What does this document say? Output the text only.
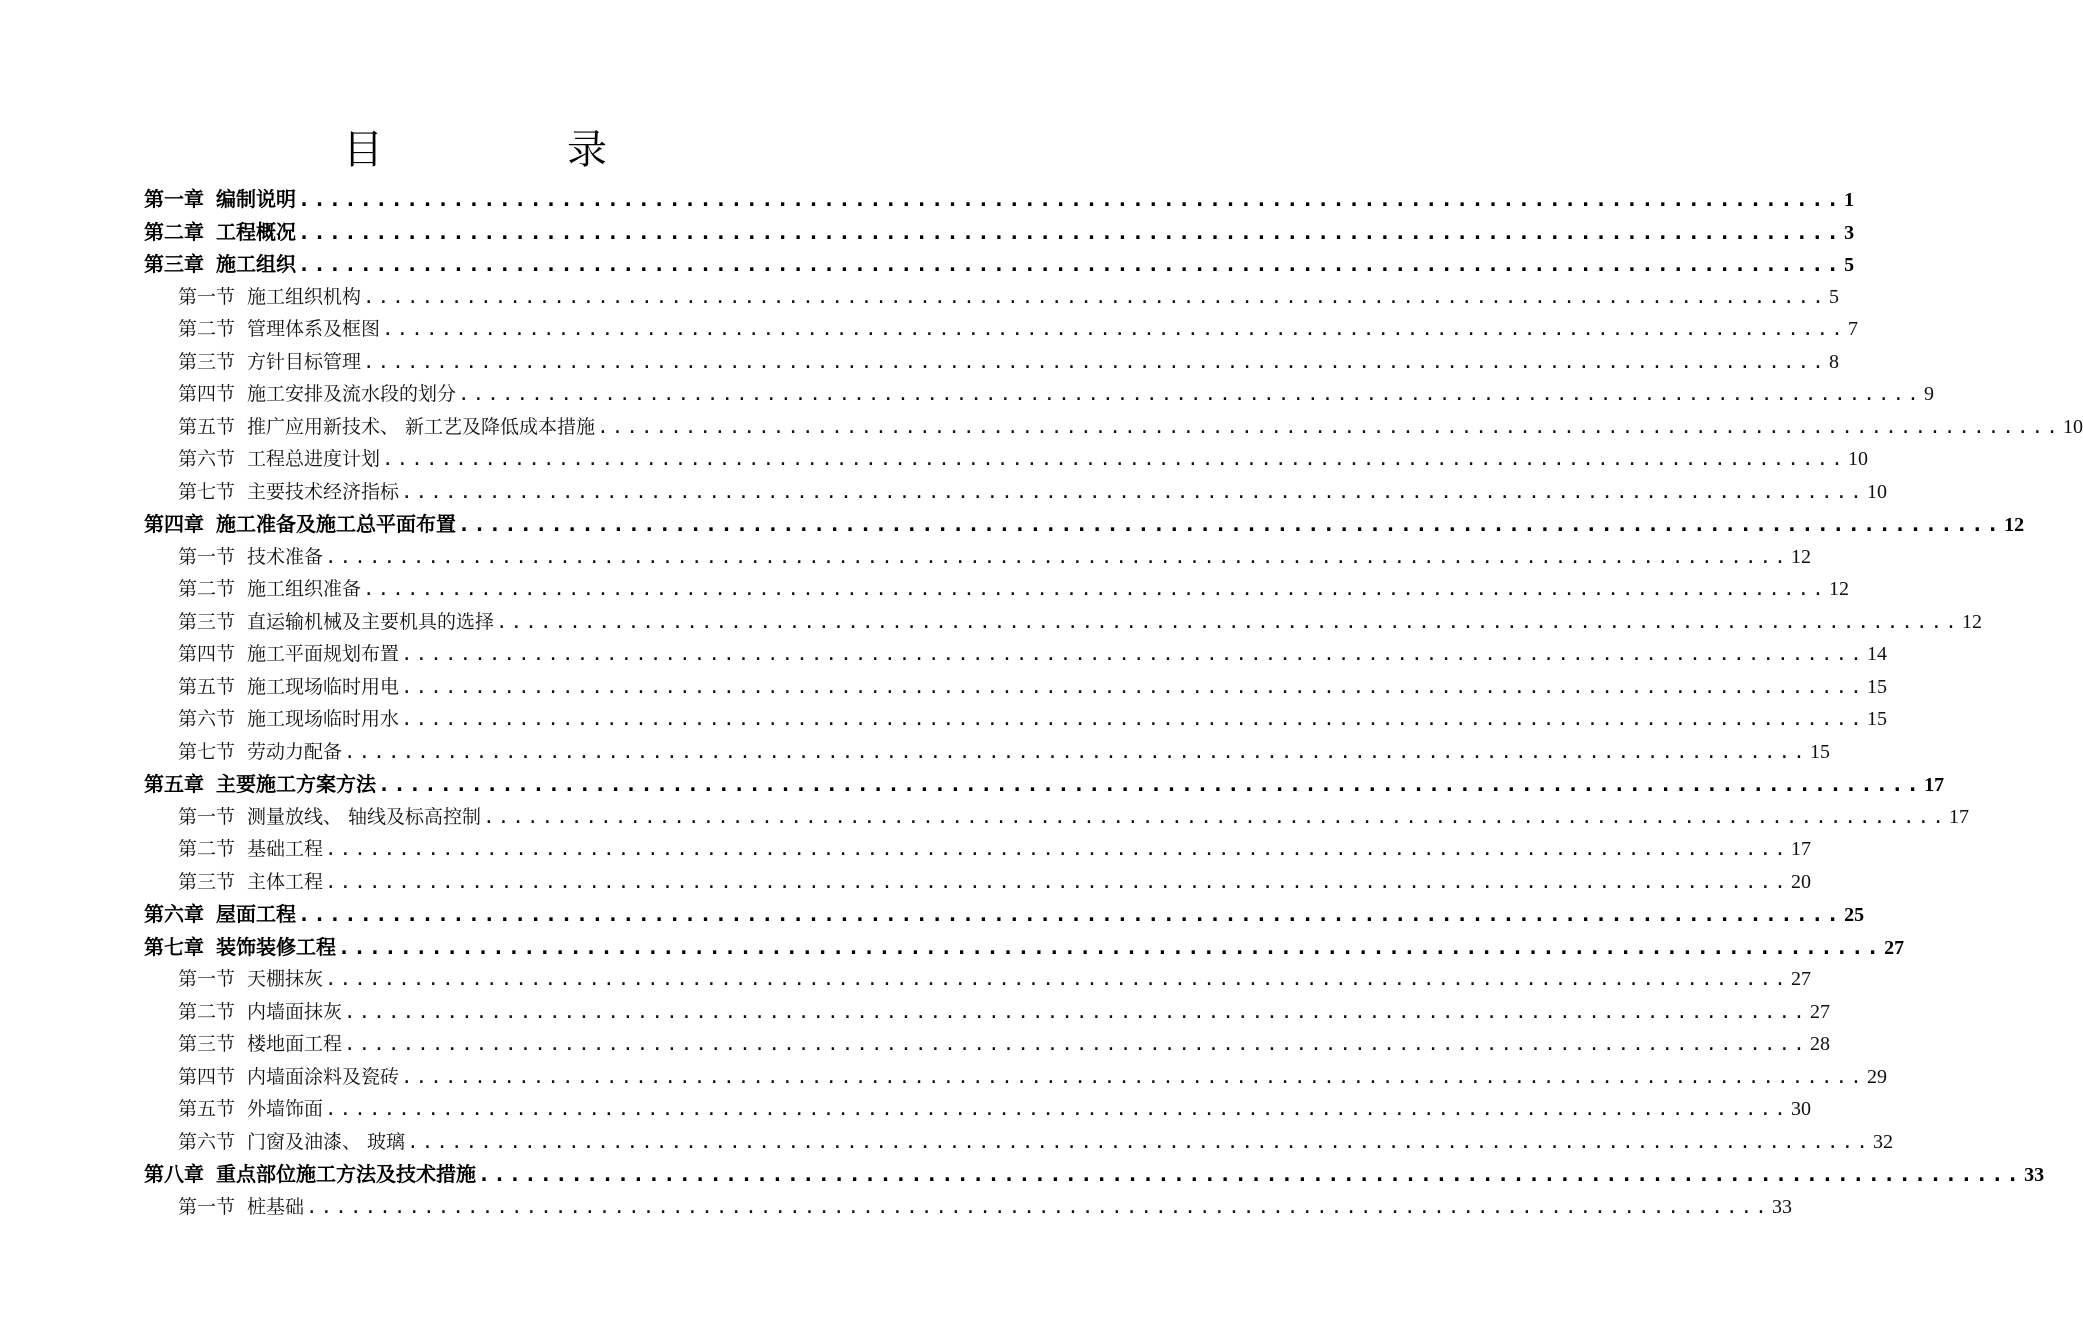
目　录
第一章 编制说明 .................................................................................................... 1
第二章 工程概况 .................................................................................................... 3
第三章 施工组织 .................................................................................................... 5
第一节 施工组织机构 .................................................................................................... 5
第二节 管理体系及框图 .................................................................................................... 7
第三节 方针目标管理 .................................................................................................... 8
第四节 施工安排及流水段的划分 .................................................................................................... 9
第五节 推广应用新技术、 新工艺及降低成本措施 .................................................................................................... 10
第六节 工程总进度计划 .................................................................................................... 10
第七节 主要技术经济指标 .................................................................................................... 10
第四章 施工准备及施工总平面布置 .................................................................................................... 12
第一节 技术准备 .................................................................................................... 12
第二节 施工组织准备 .................................................................................................... 12
第三节 直运输机械及主要机具的选择 .................................................................................................... 12
第四节 施工平面规划布置 .................................................................................................... 14
第五节 施工现场临时用电 .................................................................................................... 15
第六节 施工现场临时用水 .................................................................................................... 15
第七节 劳动力配备 .................................................................................................... 15
第五章 主要施工方案方法 .................................................................................................... 17
第一节 测量放线、 轴线及标高控制 .................................................................................................... 17
第二节 基础工程 .................................................................................................... 17
第三节 主体工程 .................................................................................................... 20
第六章 屋面工程 .................................................................................................... 25
第七章 装饰装修工程 .................................................................................................... 27
第一节 天棚抹灰 .................................................................................................... 27
第二节 内墙面抹灰 .................................................................................................... 27
第三节 楼地面工程 .................................................................................................... 28
第四节 内墙面涂料及瓷砖 .................................................................................................... 29
第五节 外墙饰面 .................................................................................................... 30
第六节 门窗及油漆、 玻璃 .................................................................................................... 32
第八章 重点部位施工方法及技术措施 .................................................................................................... 33
第一节 桩基础 .................................................................................................... 33
